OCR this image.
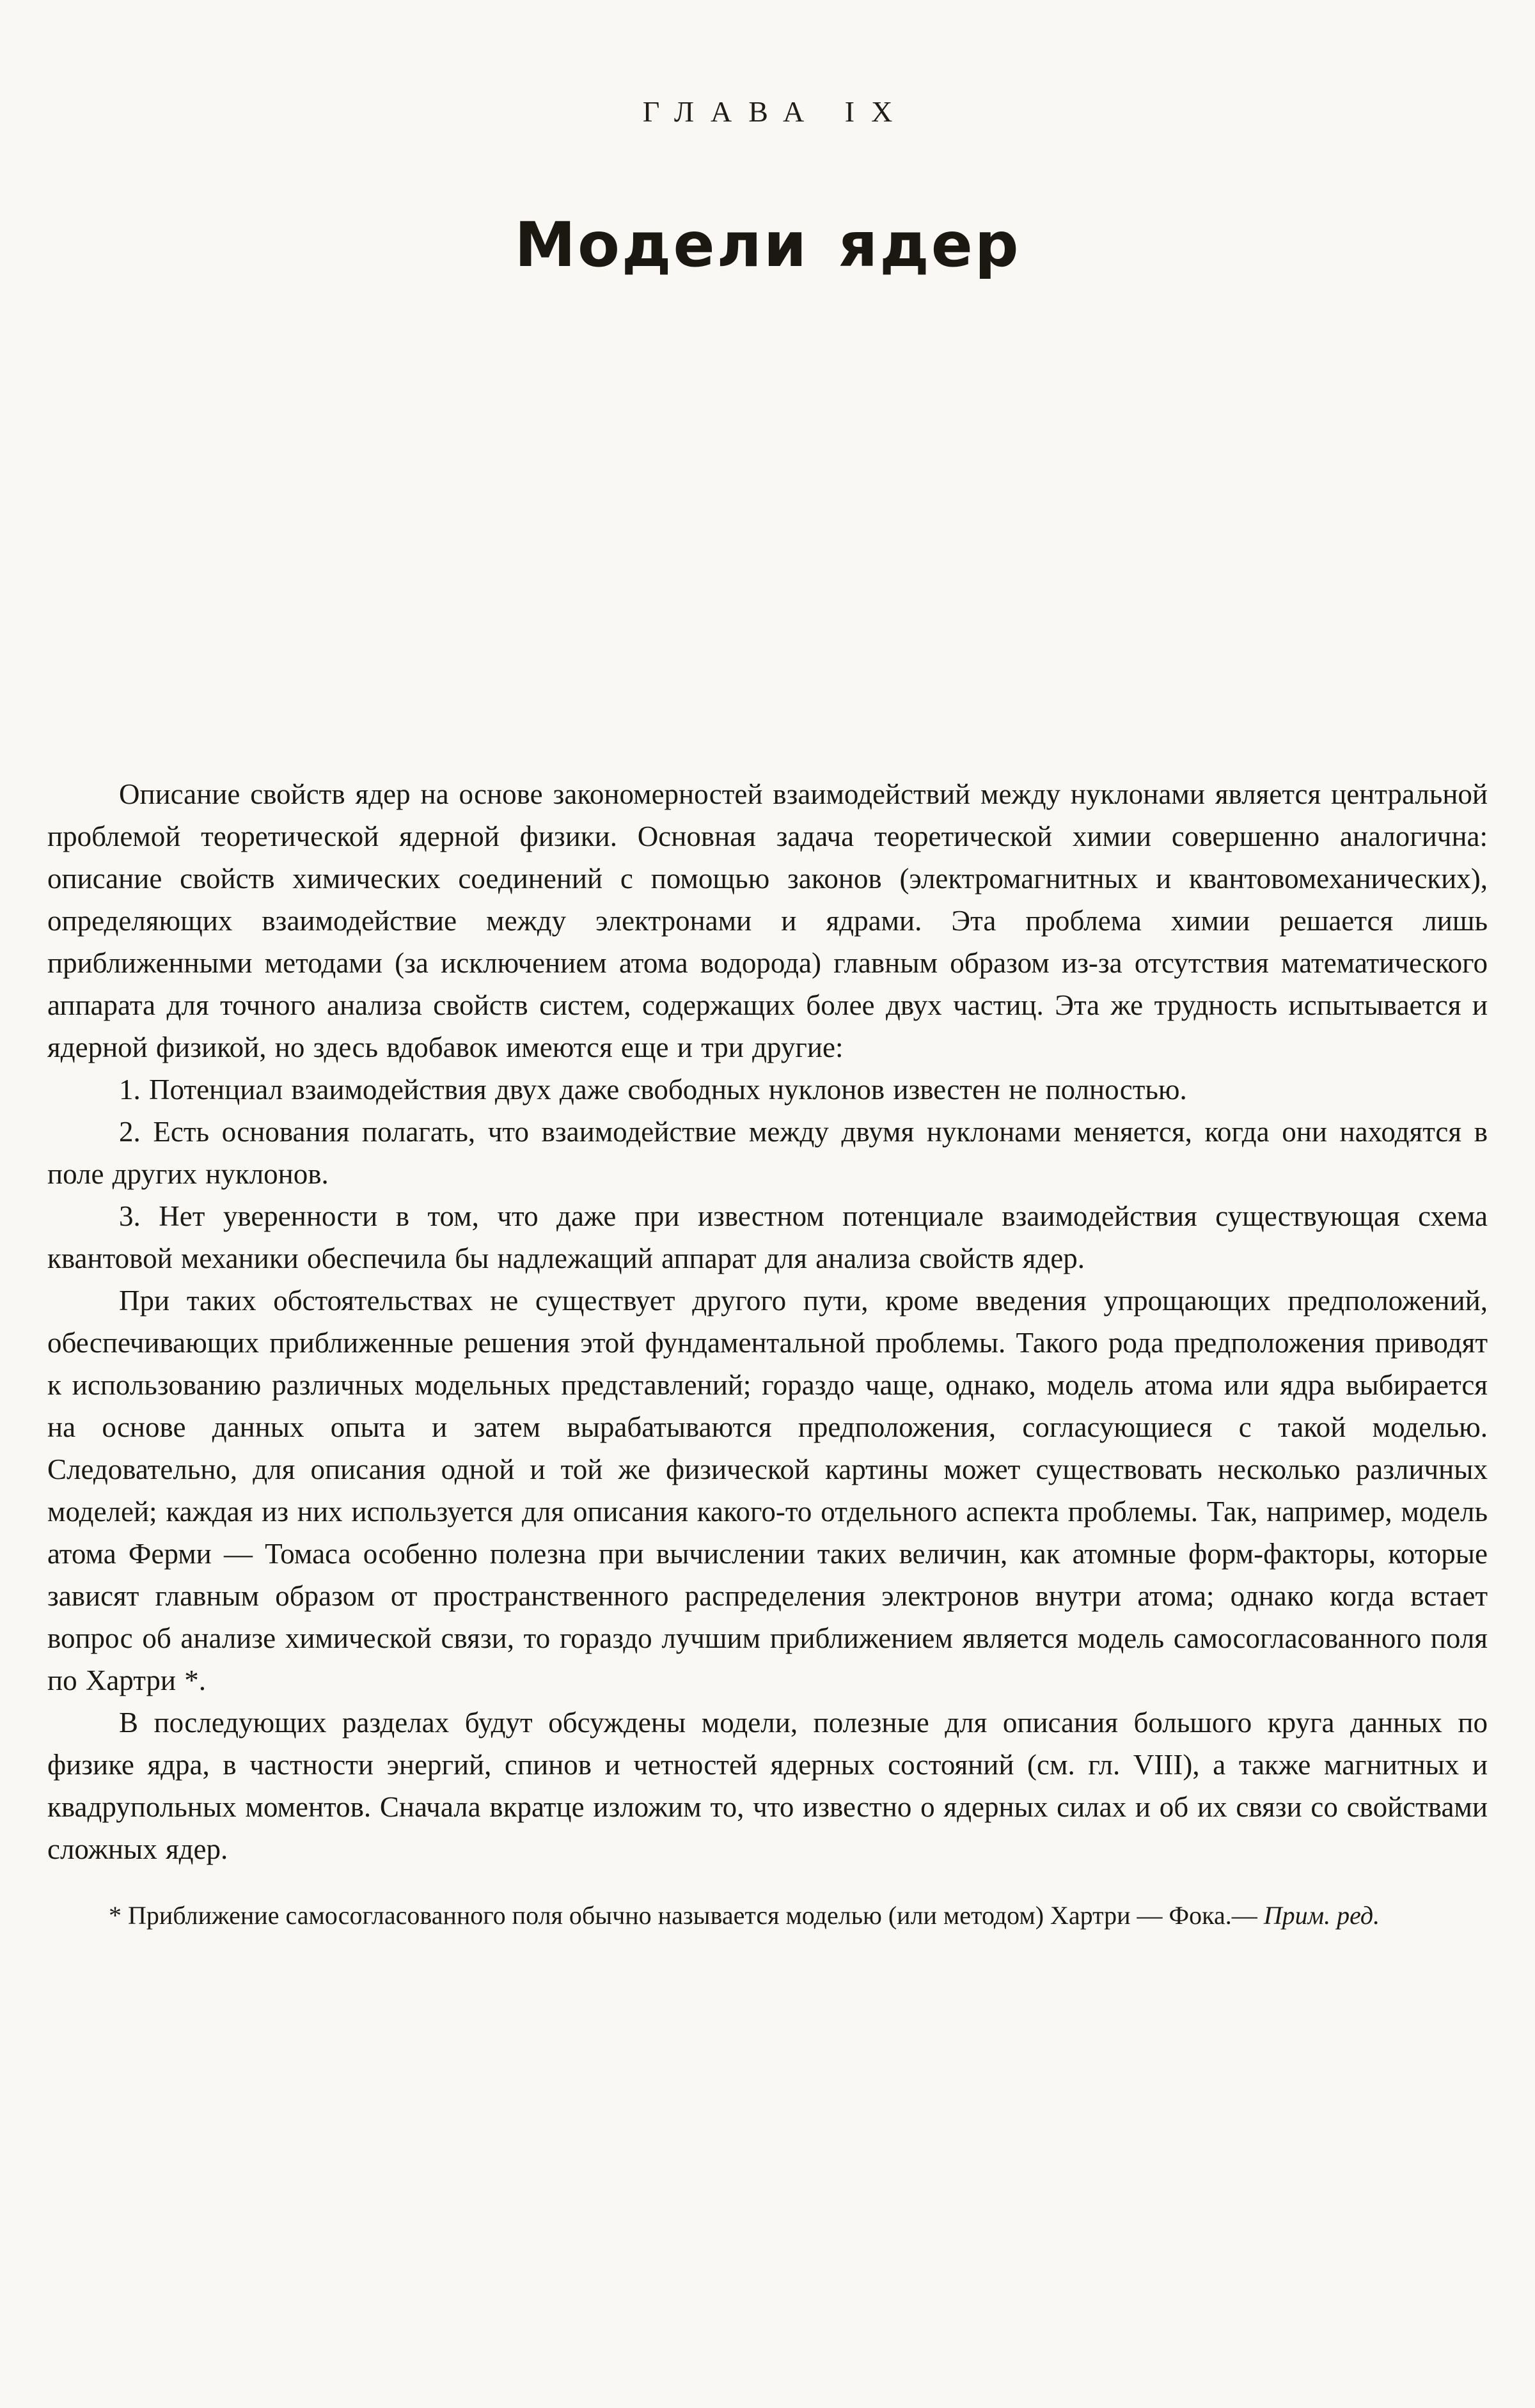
ГЛАВА IX
Модели ядер

Описание свойств ядер на основе закономерностей взаимодействий между нуклонами является центральной проблемой теоретической ядерной физики. Основная задача теоретической химии совершенно аналогична: описание свойств химических соединений с помощью законов (электромагнитных и квантовомеханических), определяющих взаимодействие между электронами и ядрами. Эта проблема химии решается лишь приближенными методами (за исключением атома водорода) главным образом из-за отсутствия математического аппарата для точного анализа свойств систем, содержащих более двух частиц. Эта же трудность испытывается и ядерной физикой, но здесь вдобавок имеются еще и три другие:

1. Потенциал взаимодействия двух даже свободных нуклонов известен не полностью.

2. Есть основания полагать, что взаимодействие между двумя нуклонами меняется, когда они находятся в поле других нуклонов.

3. Нет уверенности в том, что даже при известном потенциале взаимодействия существующая схема квантовой механики обеспечила бы надлежащий аппарат для анализа свойств ядер.

При таких обстоятельствах не существует другого пути, кроме введения упрощающих предположений, обеспечивающих приближенные решения этой фундаментальной проблемы. Такого рода предположения приводят к использованию различных модельных представлений; гораздо чаще, однако, модель атома или ядра выбирается на основе данных опыта и затем вырабатываются предположения, согласующиеся с такой моделью. Следовательно, для описания одной и той же физической картины может существовать несколько различных моделей; каждая из них используется для описания какого-то отдельного аспекта проблемы. Так, например, модель атома Ферми — Томаса особенно полезна при вычислении таких величин, как атомные форм-факторы, которые зависят главным образом от пространственного распределения электронов внутри атома; однако когда встает вопрос об анализе химической связи, то гораздо лучшим приближением является модель самосогласованного поля по Хартри *.

В последующих разделах будут обсуждены модели, полезные для описания большого круга данных по физике ядра, в частности энергий, спинов и четностей ядерных состояний (см. гл. VIII), а также магнитных и квадрупольных моментов. Сначала вкратце изложим то, что известно о ядерных силах и об их связи со свойствами сложных ядер.

* Приближение самосогласованного поля обычно называется моделью (или методом) Хартри — Фока.— Прим. ред.
